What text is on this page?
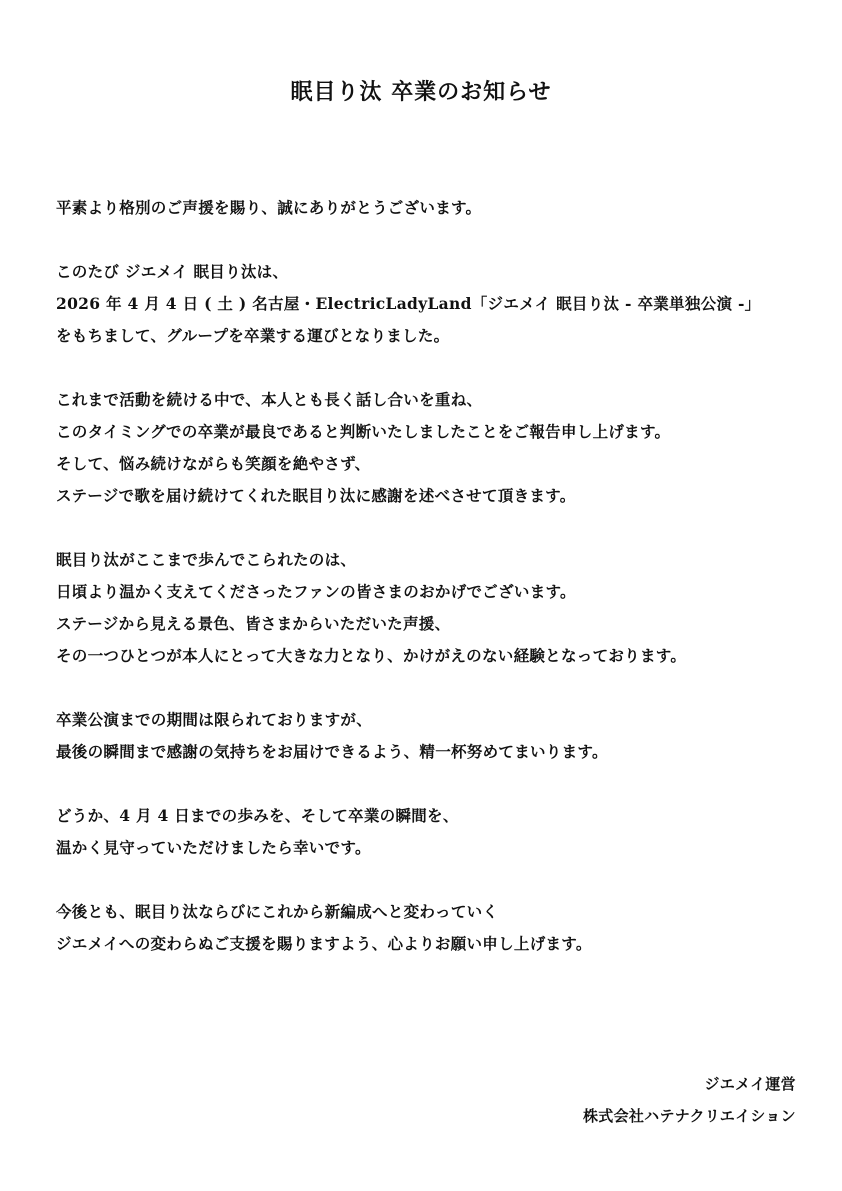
眠目り汰 卒業のお知らせ
平素より格別のご声援を賜り、誠にありがとうございます。
このたび ジエメイ 眠目り汰は、
2026 年 4 月 4 日 ( 土 ) 名古屋・ElectricLadyLand「ジエメイ 眠目り汰 - 卒業単独公演 -」
をもちまして、グループを卒業する運びとなりました。
これまで活動を続ける中で、本人とも長く話し合いを重ね、
このタイミングでの卒業が最良であると判断いたしましたことをご報告申し上げます。
そして、悩み続けながらも笑顔を絶やさず、
ステージで歌を届け続けてくれた眠目り汰に感謝を述べさせて頂きます。
眠目り汰がここまで歩んでこられたのは、
日頃より温かく支えてくださったファンの皆さまのおかげでございます。
ステージから見える景色、皆さまからいただいた声援、
その一つひとつが本人にとって大きな力となり、かけがえのない経験となっております。
卒業公演までの期間は限られておりますが、
最後の瞬間まで感謝の気持ちをお届けできるよう、精一杯努めてまいります。
どうか、4 月 4 日までの歩みを、そして卒業の瞬間を、
温かく見守っていただけましたら幸いです。
今後とも、眠目り汰ならびにこれから新編成へと変わっていく
ジエメイへの変わらぬご支援を賜りますよう、心よりお願い申し上げます。
ジエメイ運営
株式会社ハテナクリエイション
